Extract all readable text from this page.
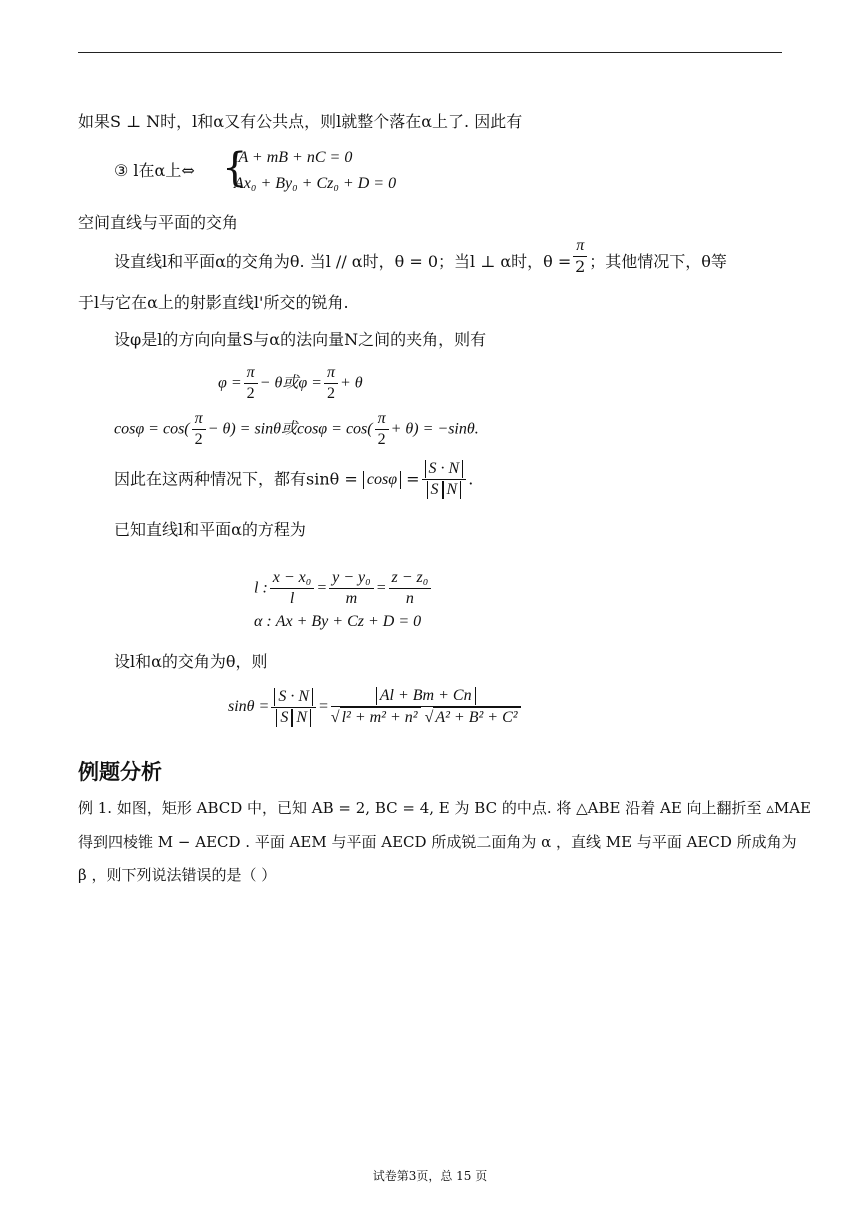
如果S ⊥ N时，l和α又有公共点，则l就整个落在α上了. 因此有
③ l在α上⇔ {
lA + mB + nC = 0
Ax₀ + By₀ + Cz₀ + D = 0
空间直线与平面的交角
设直线l和平面α的交角为θ. 当l // α时，θ = 0；当l ⊥ α时，$\theta = \frac{\pi}{2}$ ；其他情况下，θ等
于l与它在α上的射影直线l'所交的锐角.
设φ是l的方向向量S与α的法向量N之间的夹角，则有
$\varphi = \frac{\pi}{2} - \theta$或$\varphi = \frac{\pi}{2} + \theta$
$\cos\varphi = \cos( \frac{\pi}{2} - \theta) = \sin\theta$或$\cos\varphi = \cos( \frac{\pi}{2} + \theta) = -\sin\theta$.
因此在这两种情况下，都有$\sin\theta = \cos\varphi = \frac{S \cdot N}{\text{S N}}$ .
已知直线l和平面α的方程为
l : $\frac{\text{x − x₀}}{l} = \frac{\text{y − y₀}}{m} = \frac{\text{z − z₀}}{n}$
α : Ax + By + Cz + D = 0
设l和α的交角为θ，则
$\sin\theta = \frac{S \cdot N}{\text{S N}} = \frac{Al + Bm + Cn}{\text{√ l² + m² + n² √ A² + B² + C²}}$
例题分析
例 1. 如图，矩形 ABCD 中，已知 AB = 2, BC = 4, E 为 BC 的中点. 将 △ABE 沿着 AE 向上翻折至 ▵MAE
得到四棱锥 M − AECD . 平面 AEM 与平面 AECD 所成锐二面角为 α ，直线 ME 与平面 AECD 所成角为
β ，则下列说法错误的是（ ）
试卷第3页，总 15 页
